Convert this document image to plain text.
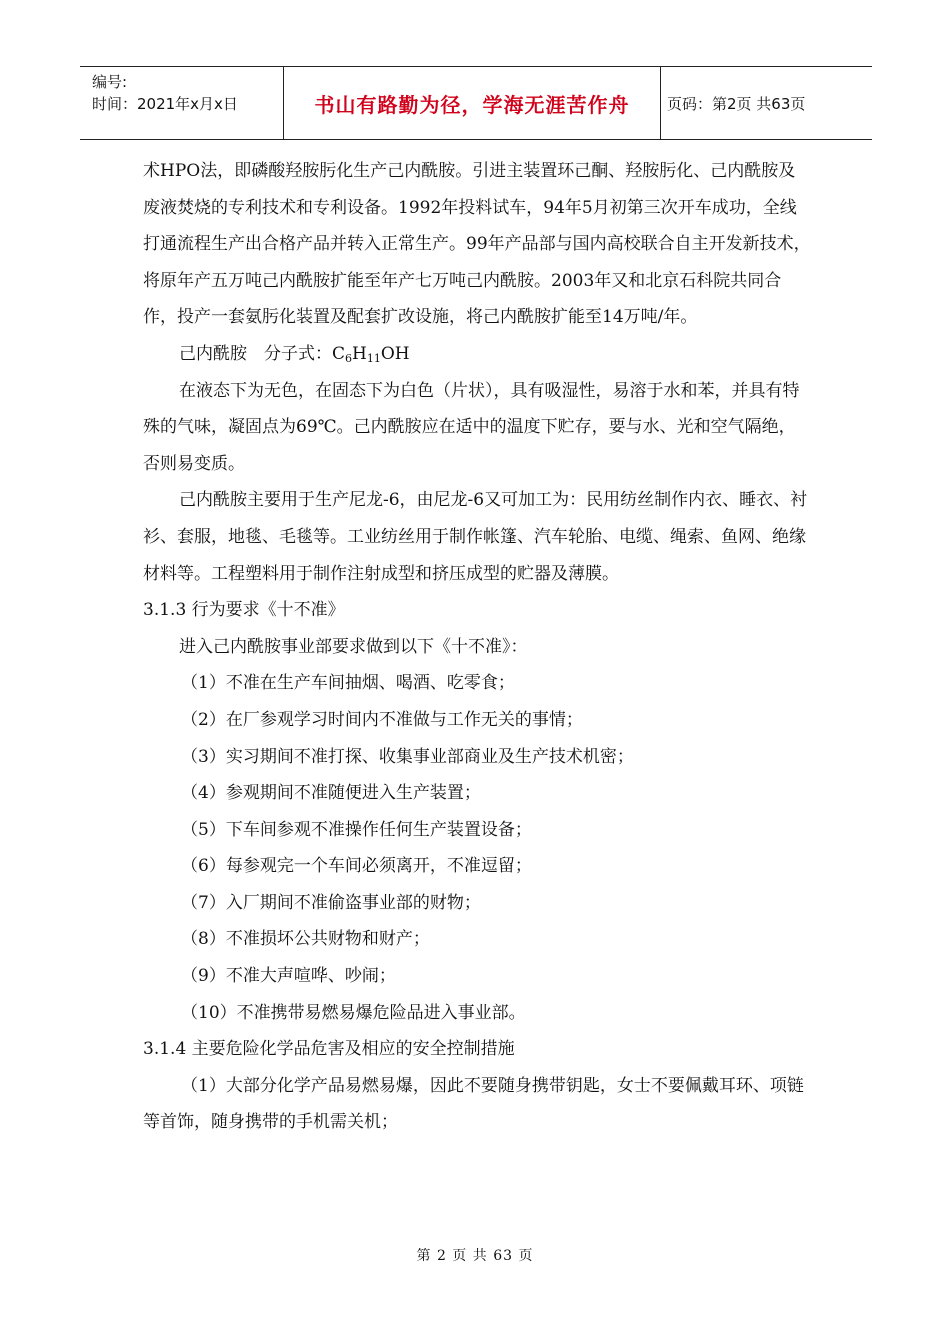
编号:
时间：2021年x月x日	书山有路勤为径，学海无涯苦作舟	页码：第2页 共63页

术HPO法，即磷酸羟胺肟化生产己内酰胺。引进主装置环己酮、羟胺肟化、己内酰胺及废液焚烧的专利技术和专利设备。1992年投料试车，94年5月初第三次开车成功，全线打通流程生产出合格产品并转入正常生产。99年产品部与国内高校联合自主开发新技术，将原年产五万吨己内酰胺扩能至年产七万吨己内酰胺。2003年又和北京石科院共同合作，投产一套氨肟化装置及配套扩改设施，将己内酰胺扩能至14万吨/年。

己内酰胺　分子式：$C_6H_{11}OH$

在液态下为无色，在固态下为白色（片状），具有吸湿性，易溶于水和苯，并具有特殊的气味，凝固点为69℃。己内酰胺应在适中的温度下贮存，要与水、光和空气隔绝，否则易变质。

己内酰胺主要用于生产尼龙-6，由尼龙-6又可加工为：民用纺丝制作内衣、睡衣、衬衫、套服，地毯、毛毯等。工业纺丝用于制作帐篷、汽车轮胎、电缆、绳索、鱼网、绝缘材料等。工程塑料用于制作注射成型和挤压成型的贮器及薄膜。

3.1.3 行为要求《十不准》

进入己内酰胺事业部要求做到以下《十不准》：

（1）不准在生产车间抽烟、喝酒、吃零食；

（2）在厂参观学习时间内不准做与工作无关的事情；

（3）实习期间不准打探、收集事业部商业及生产技术机密；

（4）参观期间不准随便进入生产装置；

（5）下车间参观不准操作任何生产装置设备；

（6）每参观完一个车间必须离开，不准逗留；

（7）入厂期间不准偷盗事业部的财物；

（8）不准损坏公共财物和财产；

（9）不准大声喧哗、吵闹；

（10）不准携带易燃易爆危险品进入事业部。

3.1.4 主要危险化学品危害及相应的安全控制措施

（1）大部分化学产品易燃易爆，因此不要随身携带钥匙，女士不要佩戴耳环、项链等首饰，随身携带的手机需关机；

第 2 页 共 63 页
